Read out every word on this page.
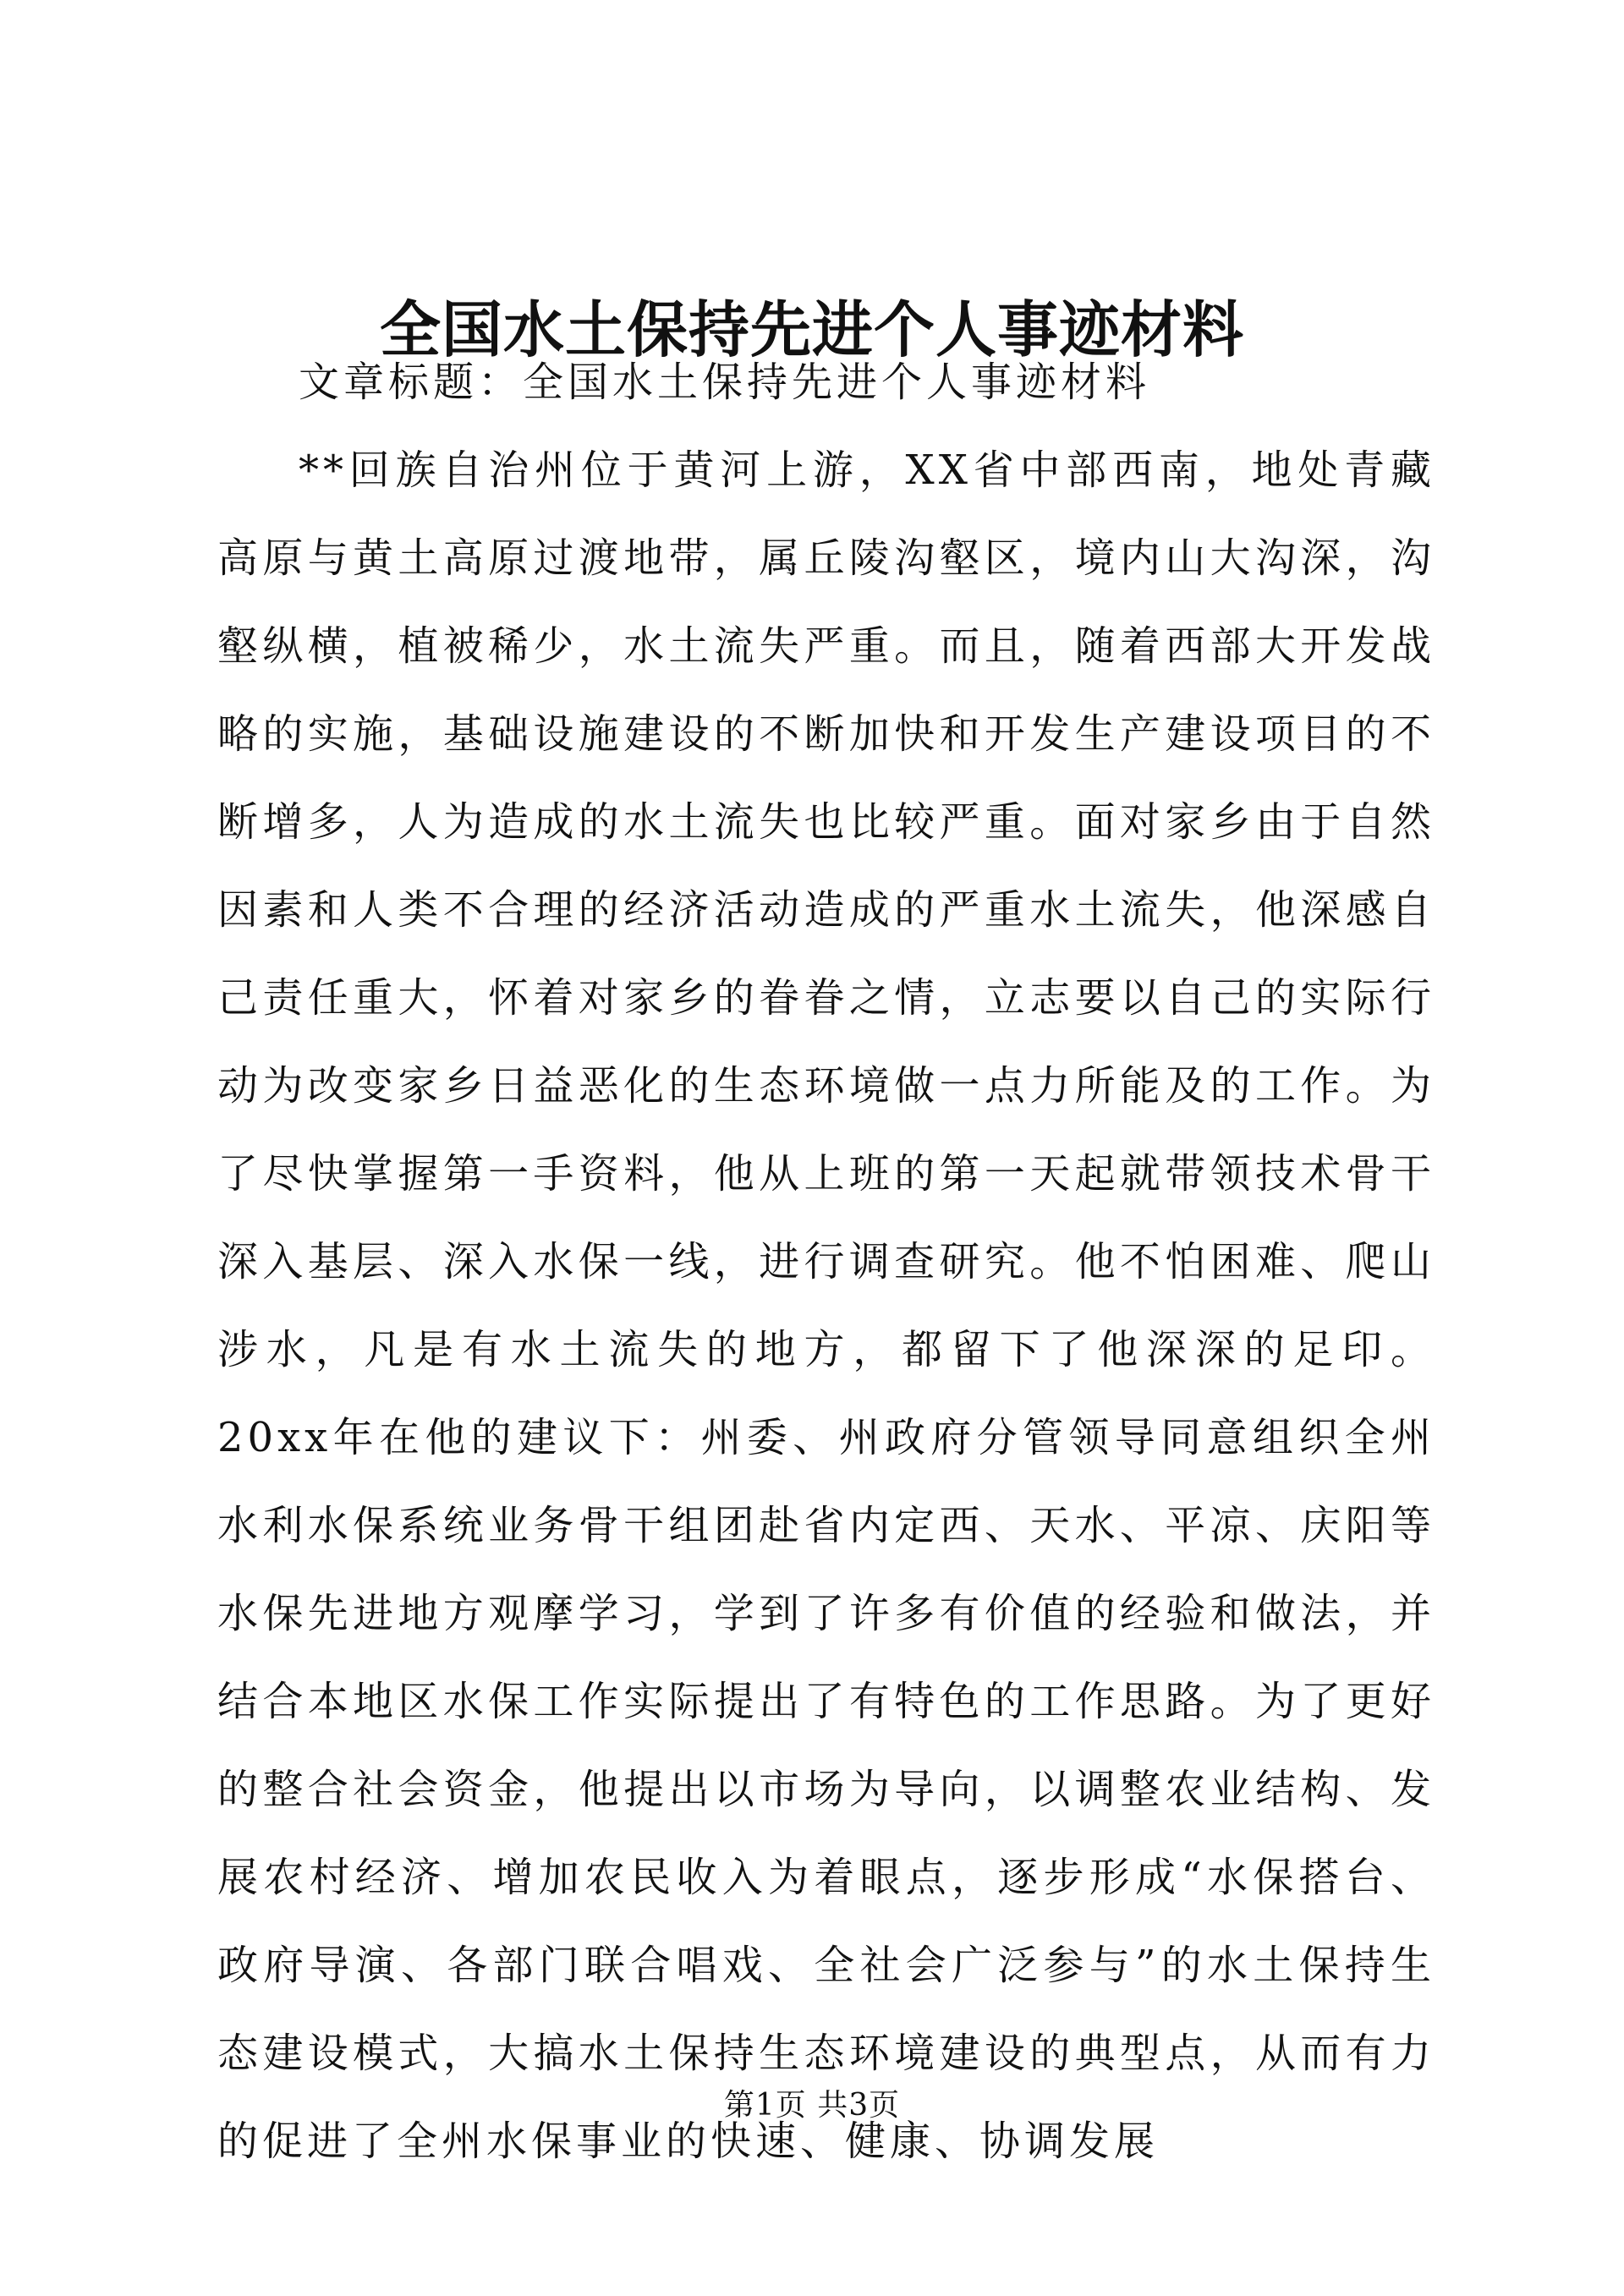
全国水土保持先进个人事迹材料

文章标题：全国水土保持先进个人事迹材料

**回族自治州位于黄河上游，XX省中部西南，地处青藏高原与黄土高原过渡地带，属丘陵沟壑区，境内山大沟深，沟壑纵横，植被稀少，水土流失严重。而且，随着西部大开发战略的实施，基础设施建设的不断加快和开发生产建设项目的不断增多，人为造成的水土流失也比较严重。面对家乡由于自然因素和人类不合理的经济活动造成的严重水土流失，他深感自己责任重大，怀着对家乡的眷眷之情，立志要以自己的实际行动为改变家乡日益恶化的生态环境做一点力所能及的工作。为了尽快掌握第一手资料，他从上班的第一天起就带领技术骨干深入基层、深入水保一线，进行调查研究。他不怕困难、爬山涉水，凡是有水土流失的地方，都留下了他深深的足印。20xx年在他的建议下：州委、州政府分管领导同意组织全州水利水保系统业务骨干组团赴省内定西、天水、平凉、庆阳等水保先进地方观摩学习，学到了许多有价值的经验和做法，并结合本地区水保工作实际提出了有特色的工作思路。为了更好的整合社会资金，他提出以市场为导向，以调整农业结构、发展农村经济、增加农民收入为着眼点，逐步形成“水保搭台、政府导演、各部门联合唱戏、全社会广泛参与”的水土保持生态建设模式，大搞水土保持生态环境建设的典型点，从而有力的促进了全州水保事业的快速、健康、协调发展

第1页 共3页
